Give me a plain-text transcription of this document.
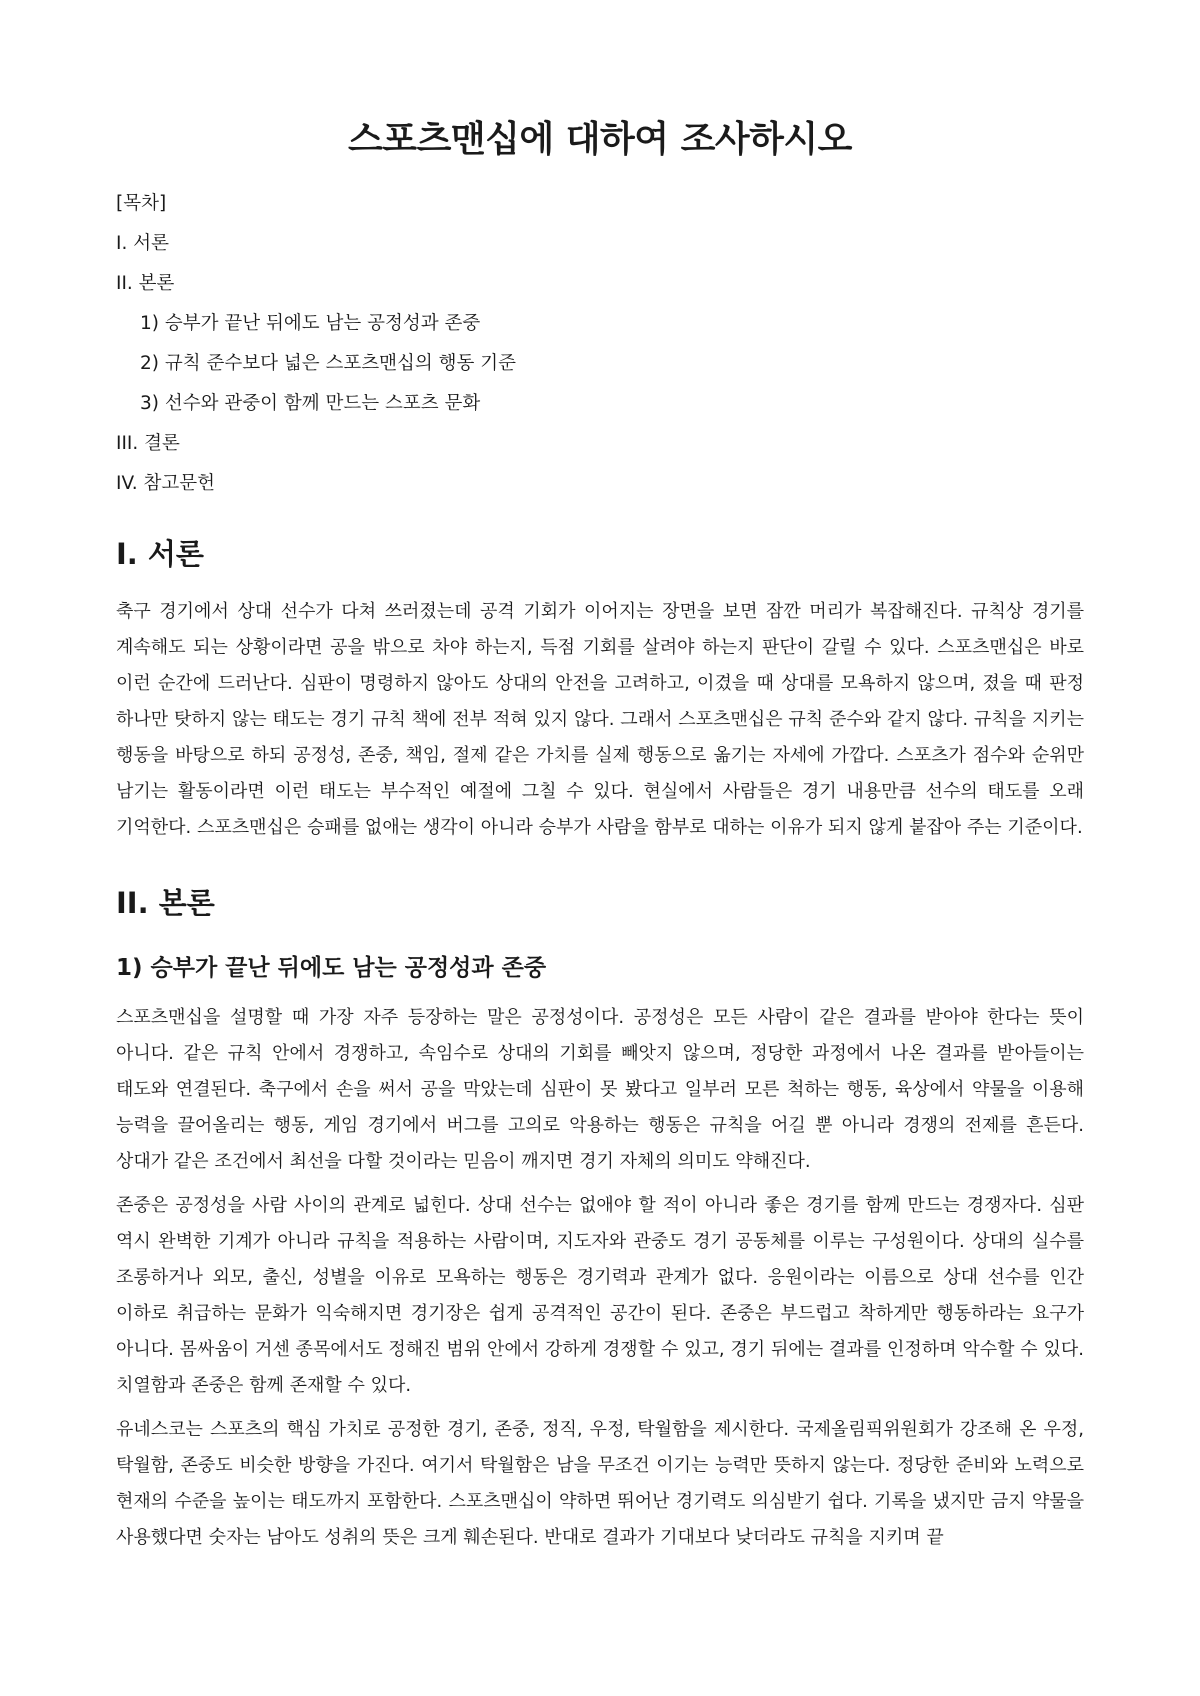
스포츠맨십에 대하여 조사하시오
[목차]
I. 서론
II. 본론
1) 승부가 끝난 뒤에도 남는 공정성과 존중
2) 규칙 준수보다 넓은 스포츠맨십의 행동 기준
3) 선수와 관중이 함께 만드는 스포츠 문화
III. 결론
IV. 참고문헌
I. 서론

축구 경기에서 상대 선수가 다쳐 쓰러졌는데 공격 기회가 이어지는 장면을 보면 잠깐 머리가 복잡해진다. 규칙상 경기를 계속해도 되는 상황이라면 공을 밖으로 차야 하는지, 득점 기회를 살려야 하는지 판단이 갈릴 수 있다. 스포츠맨십은 바로 이런 순간에 드러난다. 심판이 명령하지 않아도 상대의 안전을 고려하고, 이겼을 때 상대를 모욕하지 않으며, 졌을 때 판정 하나만 탓하지 않는 태도는 경기 규칙 책에 전부 적혀 있지 않다. 그래서 스포츠맨십은 규칙 준수와 같지 않다. 규칙을 지키는 행동을 바탕으로 하되 공정성, 존중, 책임, 절제 같은 가치를 실제 행동으로 옮기는 자세에 가깝다. 스포츠가 점수와 순위만 남기는 활동이라면 이런 태도는 부수적인 예절에 그칠 수 있다. 현실에서 사람들은 경기 내용만큼 선수의 태도를 오래 기억한다. 스포츠맨십은 승패를 없애는 생각이 아니라 승부가 사람을 함부로 대하는 이유가 되지 않게 붙잡아 주는 기준이다.

II. 본론
1) 승부가 끝난 뒤에도 남는 공정성과 존중

스포츠맨십을 설명할 때 가장 자주 등장하는 말은 공정성이다. 공정성은 모든 사람이 같은 결과를 받아야 한다는 뜻이 아니다. 같은 규칙 안에서 경쟁하고, 속임수로 상대의 기회를 빼앗지 않으며, 정당한 과정에서 나온 결과를 받아들이는 태도와 연결된다. 축구에서 손을 써서 공을 막았는데 심판이 못 봤다고 일부러 모른 척하는 행동, 육상에서 약물을 이용해 능력을 끌어올리는 행동, 게임 경기에서 버그를 고의로 악용하는 행동은 규칙을 어길 뿐 아니라 경쟁의 전제를 흔든다. 상대가 같은 조건에서 최선을 다할 것이라는 믿음이 깨지면 경기 자체의 의미도 약해진다.

존중은 공정성을 사람 사이의 관계로 넓힌다. 상대 선수는 없애야 할 적이 아니라 좋은 경기를 함께 만드는 경쟁자다. 심판 역시 완벽한 기계가 아니라 규칙을 적용하는 사람이며, 지도자와 관중도 경기 공동체를 이루는 구성원이다. 상대의 실수를 조롱하거나 외모, 출신, 성별을 이유로 모욕하는 행동은 경기력과 관계가 없다. 응원이라는 이름으로 상대 선수를 인간 이하로 취급하는 문화가 익숙해지면 경기장은 쉽게 공격적인 공간이 된다. 존중은 부드럽고 착하게만 행동하라는 요구가 아니다. 몸싸움이 거센 종목에서도 정해진 범위 안에서 강하게 경쟁할 수 있고, 경기 뒤에는 결과를 인정하며 악수할 수 있다. 치열함과 존중은 함께 존재할 수 있다.

유네스코는 스포츠의 핵심 가치로 공정한 경기, 존중, 정직, 우정, 탁월함을 제시한다. 국제올림픽위원회가 강조해 온 우정, 탁월함, 존중도 비슷한 방향을 가진다. 여기서 탁월함은 남을 무조건 이기는 능력만 뜻하지 않는다. 정당한 준비와 노력으로 현재의 수준을 높이는 태도까지 포함한다. 스포츠맨십이 약하면 뛰어난 경기력도 의심받기 쉽다. 기록을 냈지만 금지 약물을 사용했다면 숫자는 남아도 성취의 뜻은 크게 훼손된다. 반대로 결과가 기대보다 낮더라도 규칙을 지키며 끝
